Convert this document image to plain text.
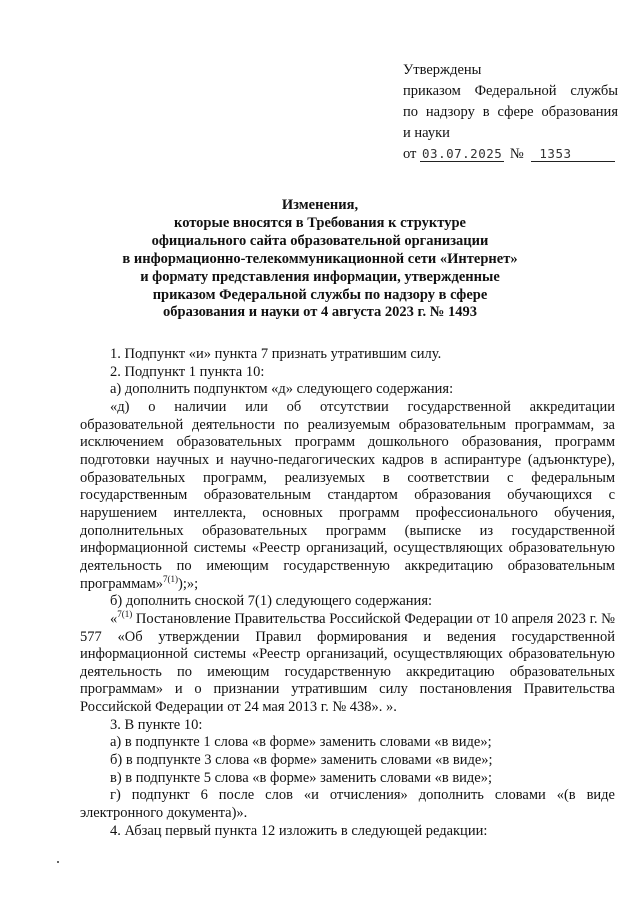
Утверждены
приказом Федеральной службы
по надзору в сфере образования
и науки
от 03.07.2025 № 1353
Изменения,
которые вносятся в Требования к структуре
официального сайта образовательной организации
в информационно-телекоммуникационной сети «Интернет»
и формату представления информации, утвержденные
приказом Федеральной службы по надзору в сфере
образования и науки от 4 августа 2023 г. № 1493

1. Подпункт «и» пункта 7 признать утратившим силу.

2. Подпункт 1 пункта 10:

а) дополнить подпунктом «д» следующего содержания:

«д) о наличии или об отсутствии государственной аккредитации образовательной деятельности по реализуемым образовательным программам, за исключением образовательных программ дошкольного образования, программ подготовки научных и научно-педагогических кадров в аспирантуре (адъюнктуре), образовательных программ, реализуемых в соответствии с федеральным государственным образовательным стандартом образования обучающихся с нарушением интеллекта, основных программ профессионального обучения, дополнительных образовательных программ (выписке из государственной информационной системы «Реестр организаций, осуществляющих образовательную деятельность по имеющим государственную аккредитацию образовательным программам»$^{7(1)}$);»;

б) дополнить сноской 7(1) следующего содержания:

«$^{7(1)}$ Постановление Правительства Российской Федерации от 10 апреля 2023 г. № 577 «Об утверждении Правил формирования и ведения государственной информационной системы «Реестр организаций, осуществляющих образовательную деятельность по имеющим государственную аккредитацию образовательных программам» и о признании утратившим силу постановления Правительства Российской Федерации от 24 мая 2013 г. № 438». ».

3. В пункте 10:

а) в подпункте 1 слова «в форме» заменить словами «в виде»;

б) в подпункте 3 слова «в форме» заменить словами «в виде»;

в) в подпункте 5 слова «в форме» заменить словами «в виде»;

г) подпункт 6 после слов «и отчисления» дополнить словами «(в виде электронного документа)».

4. Абзац первый пункта 12 изложить в следующей редакции:
